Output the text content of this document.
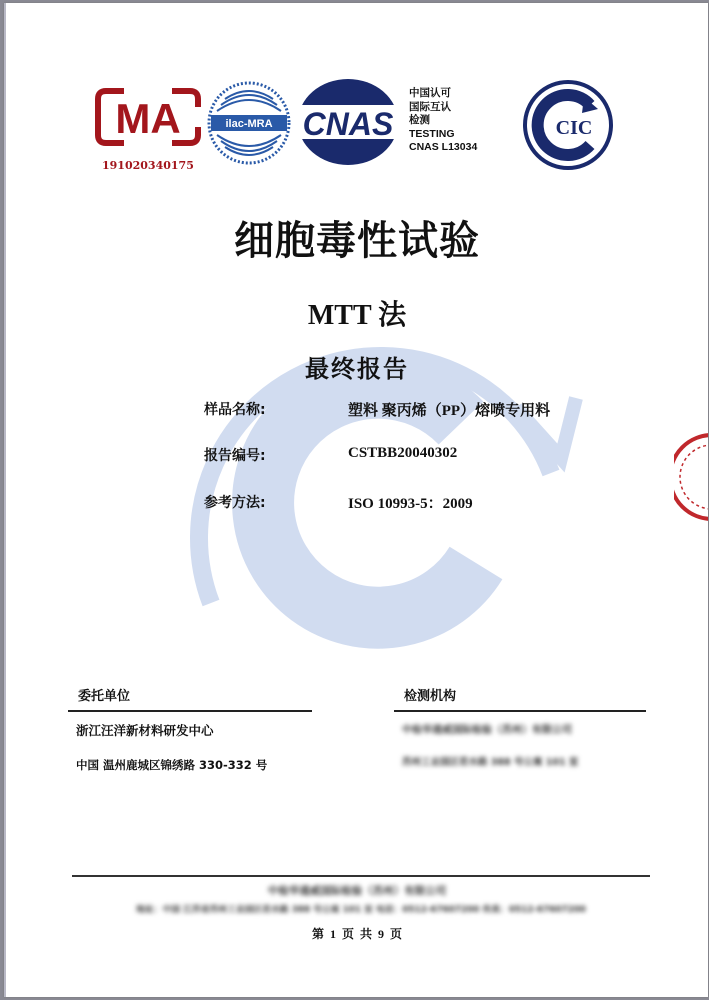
MA
191020340175
ilac-MRA CNAS
中国认可
国际互认
检测
TESTING
CNAS L13034
CIC
细胞毒性试验
MTT 法
最终报告
样品名称:	塑料 聚丙烯（PP）熔喷专用料
报告编号:	CSTBB20040302
参考方法:	ISO 10993-5：2009
委托单位
浙江汪洋新材料研发中心
中国 温州鹿城区锦绣路 330-332 号
检测机构
中检华通威国际检验（苏州）有限公司
苏州工业园区若水路 388 号公寓 101 室
中检华通威国际检验（苏州）有限公司
地址：中国 江苏省苏州工业园区若水路 388 号公寓 101 室 电话：0512-67607200 传真：0512-67607200
第 1 页 共 9 页
